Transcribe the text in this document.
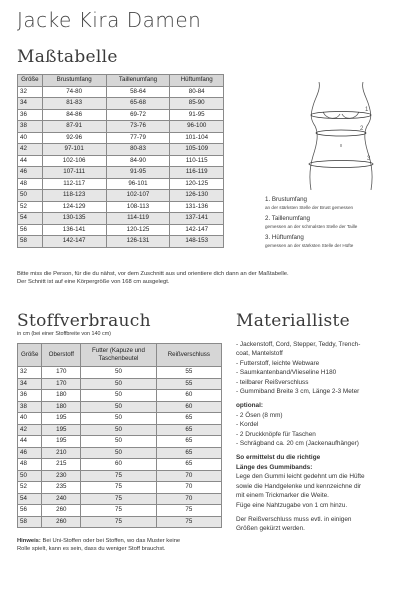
Jacke Kira Damen
Maßtabelle
Größe	Brustumfang	Taillenumfang	Hüftumfang
32	74-80	58-64	80-84
34	81-83	65-68	85-90
36	84-86	69-72	91-95
38	87-91	73-76	96-100
40	92-96	77-79	101-104
42	97-101	80-83	105-109
44	102-106	84-90	110-115
46	107-111	91-95	116-119
48	112-117	96-101	120-125
50	118-123	102-107	126-130
52	124-129	108-113	131-136
54	130-135	114-119	137-141
56	136-141	120-125	142-147
58	142-147	126-131	148-153
1
2
3
1. Brustumfang
an der stärksten Stelle der Brust gemessen
2. Taillenumfang
gemessen an der schmalsten Stelle der Taille
3. Hüftumfang
gemessen an der stärksten Stelle der Hüfte
Bitte miss die Person, für die du nähst, vor dem Zuschnitt aus und orientiere dich dann an der Maßtabelle.
Der Schnitt ist auf eine Körpergröße von 168 cm ausgelegt.
Stoffverbrauch
in cm (bei einer Stoffbreite von 140 cm)
Größe	Oberstoff	Futter (Kapuze und Taschenbeutel	Reißverschluss
32	170	50	55
34	170	50	55
36	180	50	60
38	180	50	60
40	195	50	65
42	195	50	65
44	195	50	65
46	210	50	65
48	215	60	65
50	230	75	70
52	235	75	70
54	240	75	70
56	260	75	75
58	260	75	75
Hinweis: Bei Uni-Stoffen oder bei Stoffen, wo das Muster keine
Rolle spielt, kann es sein, dass du weniger Stoff brauchst.
Materialliste
- Jackenstoff, Cord, Stepper, Teddy, Trench-
coat, Mantelstoff
- Futterstoff, leichte Webware
- Saumkantenband/Vlieseline H180
- teilbarer Reißverschluss
- Gummiband Breite 3 cm, Länge 2-3 Meter
optional:
- 2 Ösen (8 mm)
- Kordel
- 2 Druckknöpfe für Taschen
- Schrägband ca. 20 cm (Jackenaufhänger)
So ermittelst du die richtige
Länge des Gummibands:
Lege den Gummi leicht gedehnt um die Hüfte
sowie die Handgelenke und kennzeichne dir
mit einem Trickmarker die Weite.
Füge eine Nahtzugabe von 1 cm hinzu.
Der Reißverschluss muss evtl. in einigen
Größen gekürzt werden.
